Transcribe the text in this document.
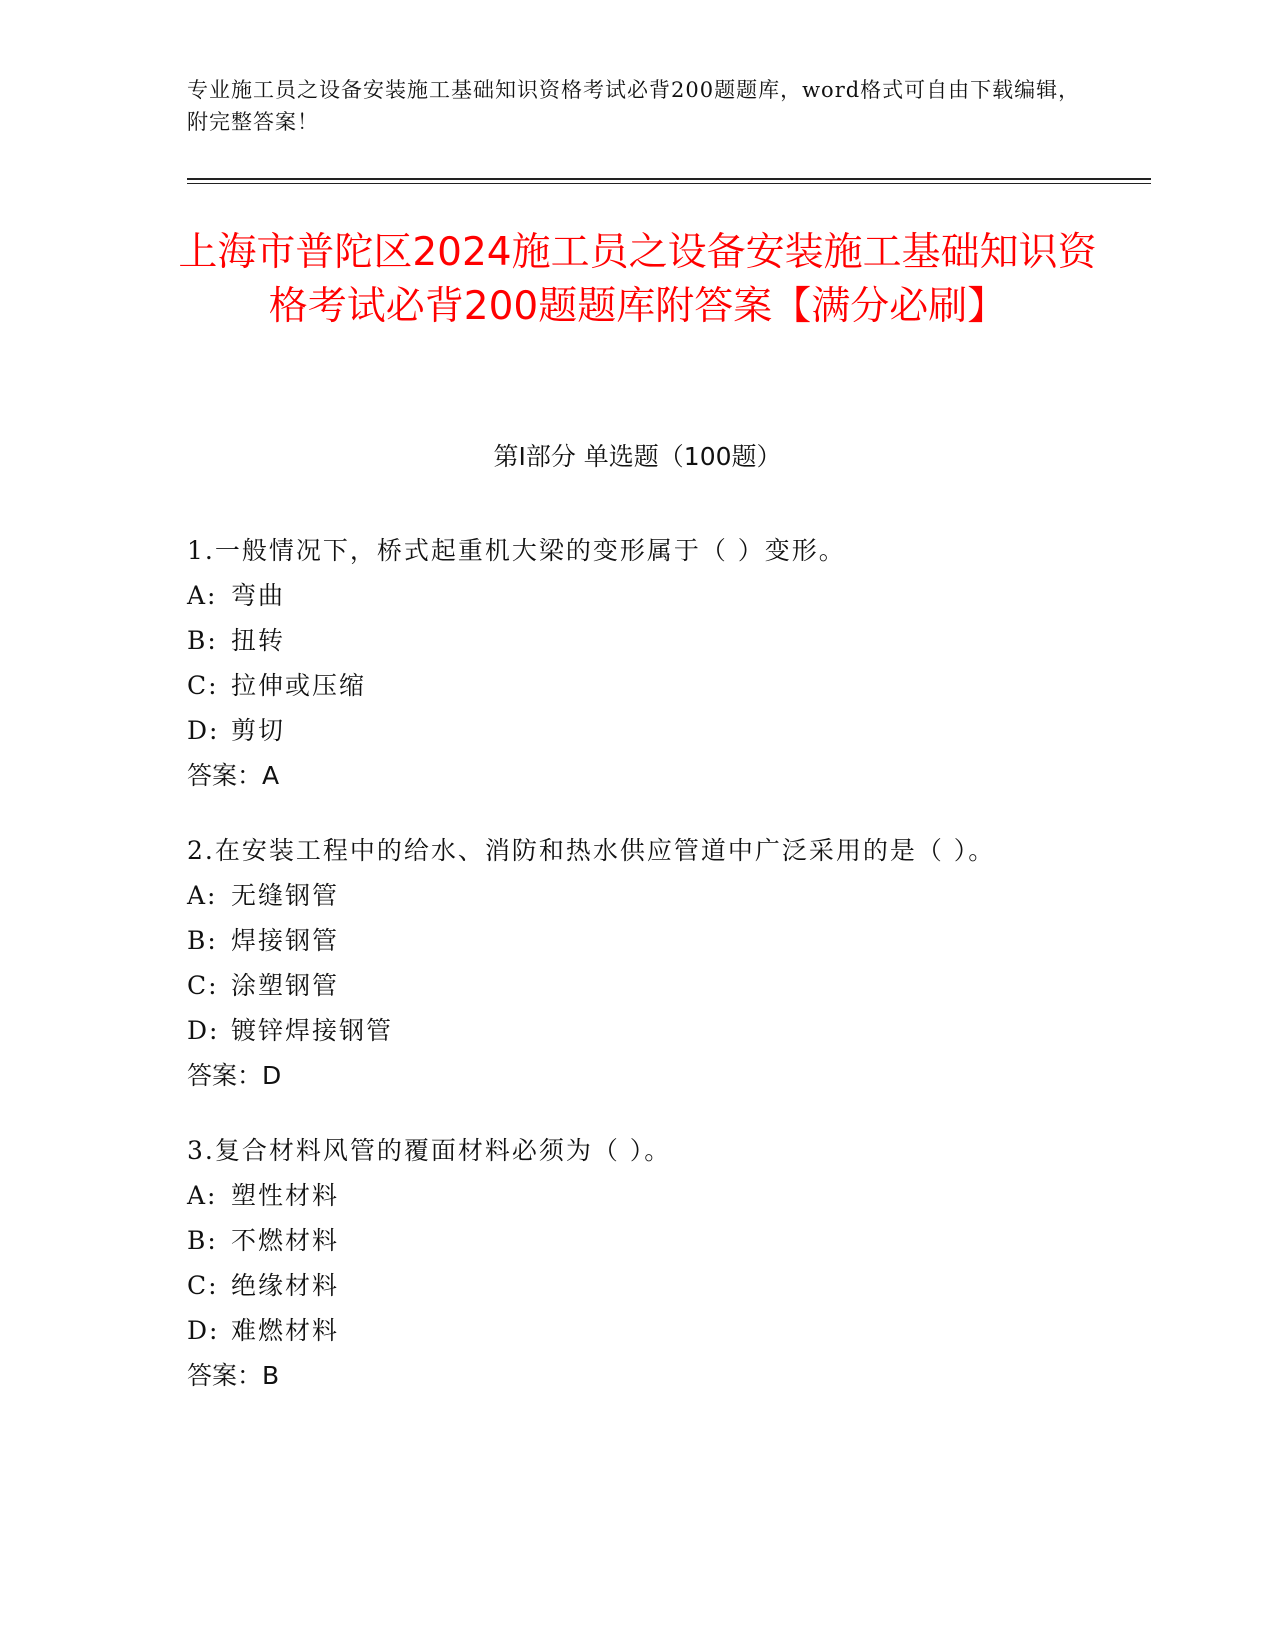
专业施工员之设备安装施工基础知识资格考试必背200题题库，word格式可自由下载编辑，附完整答案！
上海市普陀区2024施工员之设备安装施工基础知识资格考试必背200题题库附答案【满分必刷】
第I部分 单选题（100题）
1.一般情况下，桥式起重机大梁的变形属于（ ）变形。
A: 弯曲
B: 扭转
C: 拉伸或压缩
D: 剪切
答案：A
2.在安装工程中的给水、消防和热水供应管道中广泛采用的是（ ）。
A: 无缝钢管
B: 焊接钢管
C: 涂塑钢管
D: 镀锌焊接钢管
答案：D
3.复合材料风管的覆面材料必须为（ ）。
A: 塑性材料
B: 不燃材料
C: 绝缘材料
D: 难燃材料
答案：B
